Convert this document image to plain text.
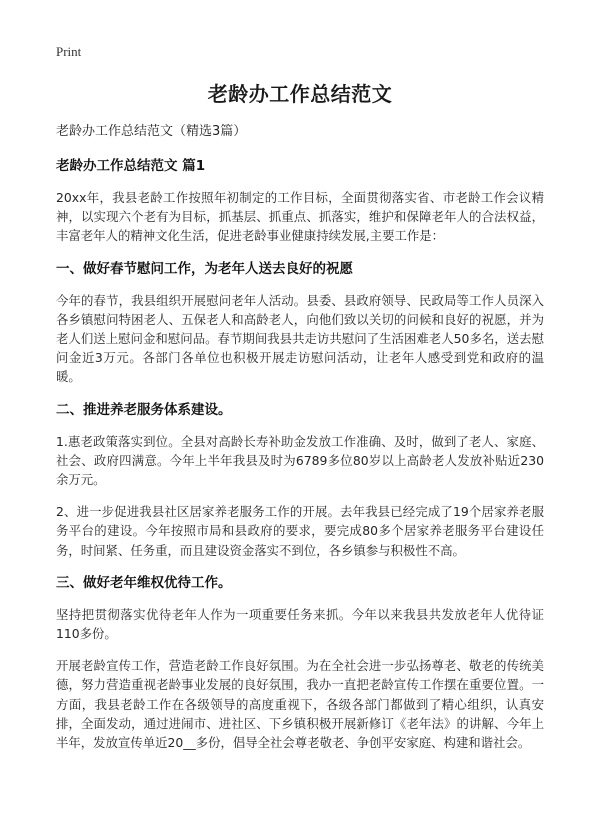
Print
老龄办工作总结范文
老龄办工作总结范文（精选3篇）
老龄办工作总结范文 篇1
20xx年，我县老龄工作按照年初制定的工作目标，全面贯彻落实省、市老龄工作会议精神，以实现六个老有为目标，抓基层、抓重点、抓落实，维护和保障老年人的合法权益，丰富老年人的精神文化生活，促进老龄事业健康持续发展,主要工作是：
一、做好春节慰问工作，为老年人送去良好的祝愿
今年的春节，我县组织开展慰问老年人活动。县委、县政府领导、民政局等工作人员深入各乡镇慰问特困老人、五保老人和高龄老人，向他们致以关切的问候和良好的祝愿，并为老人们送上慰问金和慰问品。春节期间我县共走访共慰问了生活困难老人50多名，送去慰问金近3万元。各部门各单位也积极开展走访慰问活动，让老年人感受到党和政府的温暖。
二、推进养老服务体系建设。
1.惠老政策落实到位。全县对高龄长寿补助金发放工作准确、及时，做到了老人、家庭、社会、政府四满意。今年上半年我县及时为6789多位80岁以上高龄老人发放补贴近230余万元。
2、进一步促进我县社区居家养老服务工作的开展。去年我县已经完成了19个居家养老服务平台的建设。今年按照市局和县政府的要求，要完成80多个居家养老服务平台建设任务，时间紧、任务重，而且建设资金落实不到位，各乡镇参与积极性不高。
三、做好老年维权优待工作。
坚持把贯彻落实优待老年人作为一项重要任务来抓。今年以来我县共发放老年人优待证110多份。
开展老龄宣传工作，营造老龄工作良好氛围。为在全社会进一步弘扬尊老、敬老的传统美德，努力营造重视老龄事业发展的良好氛围，我办一直把老龄宣传工作摆在重要位置。一方面，我县老龄工作在各级领导的高度重视下，各级各部门都做到了精心组织，认真安排，全面发动，通过进闹市、进社区、下乡镇积极开展新修订《老年法》的讲解、今年上半年，发放宣传单近20__多份，倡导全社会尊老敬老、争创平安家庭、构建和谐社会。
